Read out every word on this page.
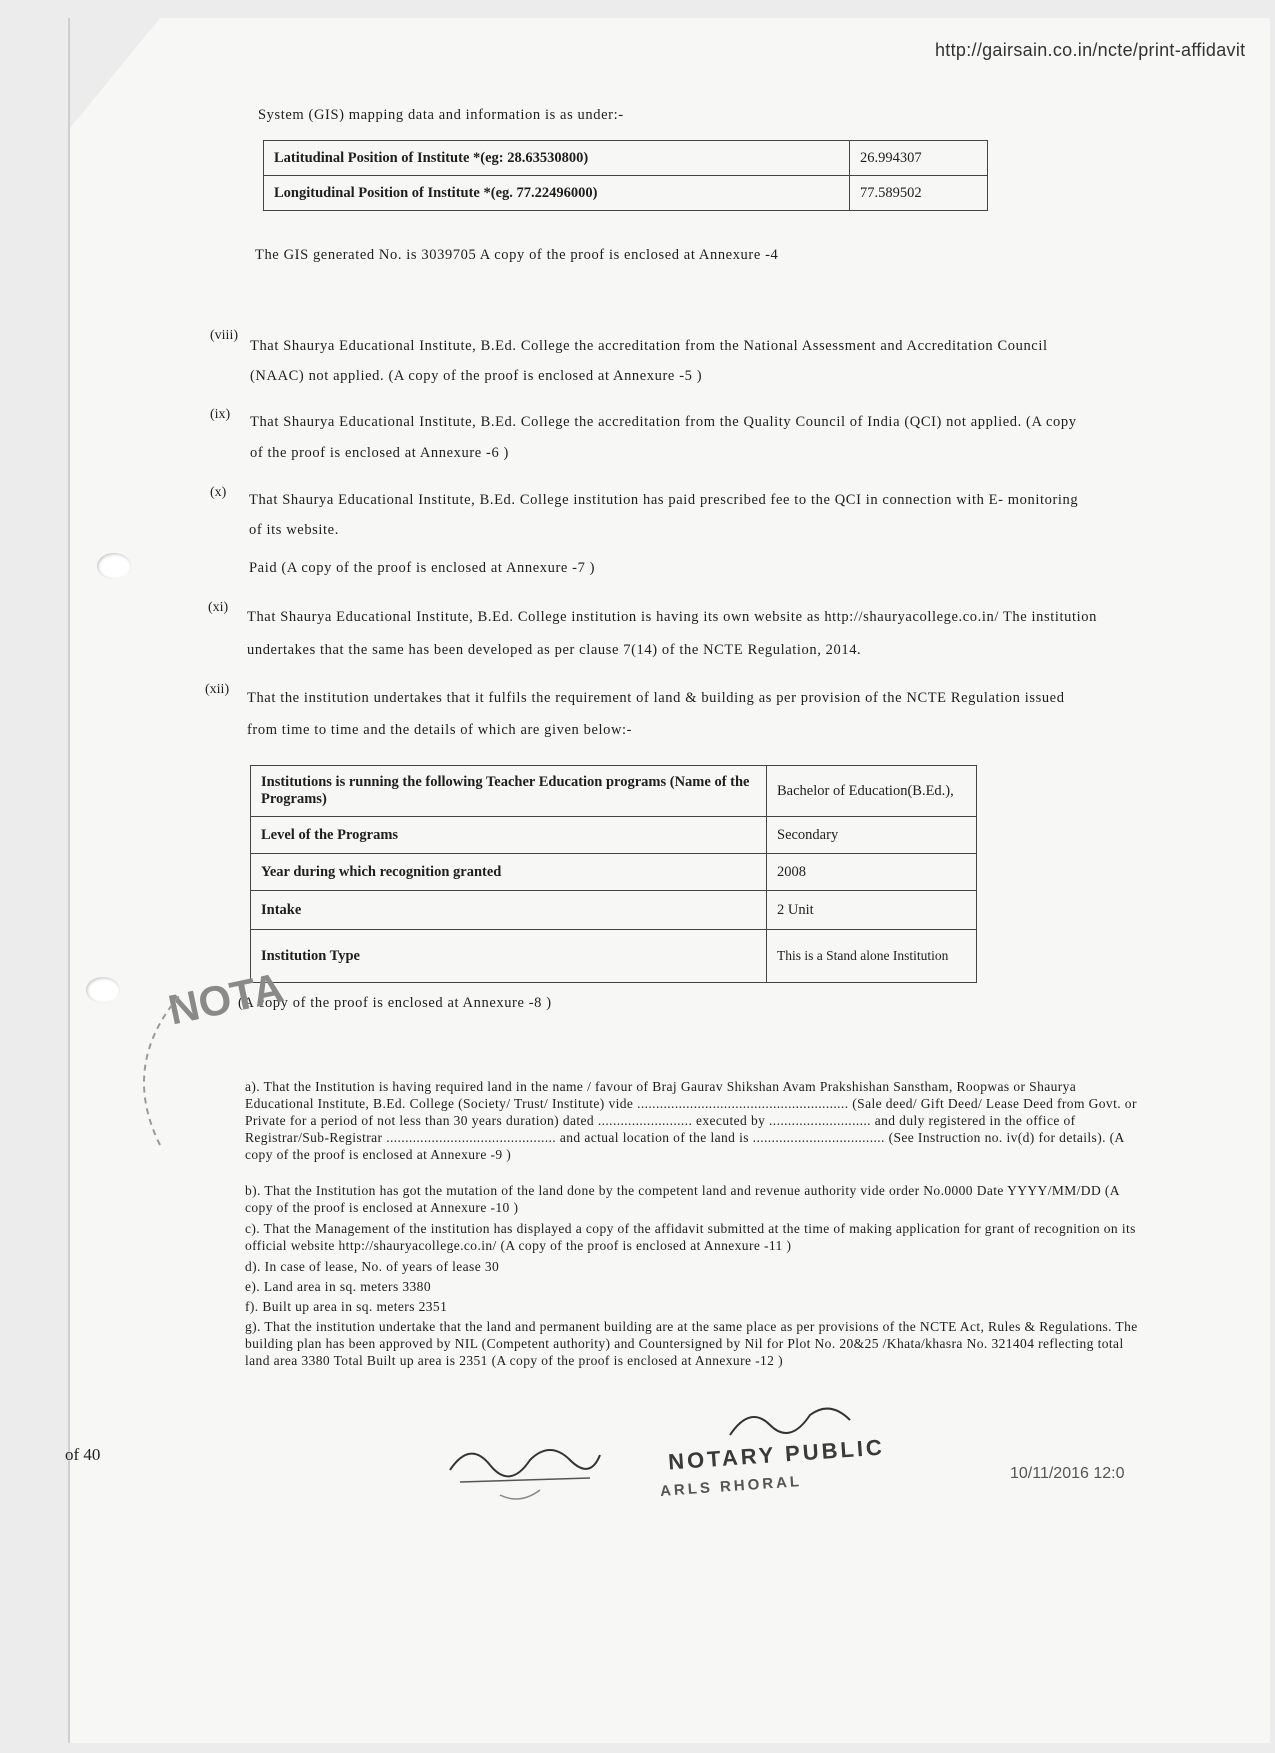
http://gairsain.co.in/ncte/print-affidavit
System (GIS) mapping data and information is as under:-
Latitudinal Position of Institute *(eg: 28.63530800)	26.994307
Longitudinal Position of Institute *(eg. 77.22496000)	77.589502
The GIS generated No. is 3039705 A copy of the proof is enclosed at Annexure -4
(viii)
That Shaurya Educational Institute, B.Ed. College the accreditation from the National Assessment and Accreditation Council
(NAAC) not applied. (A copy of the proof is enclosed at Annexure -5 )
(ix) That Shaurya Educational Institute, B.Ed. College the accreditation from the Quality Council of India (QCI) not applied. (A copy
of the proof is enclosed at Annexure -6 )
(x) That Shaurya Educational Institute, B.Ed. College institution has paid prescribed fee to the QCI in connection with E- monitoring
of its website.
Paid (A copy of the proof is enclosed at Annexure -7 )
(xi)
That Shaurya Educational Institute, B.Ed. College institution is having its own website as http://shauryacollege.co.in/ The institution
undertakes that the same has been developed as per clause 7(14) of the NCTE Regulation, 2014.
(xii)
That the institution undertakes that it fulfils the requirement of land & building as per provision of the NCTE Regulation issued
from time to time and the details of which are given below:-
Institutions is running the following Teacher Education programs (Name of the Programs)	Bachelor of Education(B.Ed.),
Level of the Programs	Secondary
Year during which recognition granted	2008
Intake	2 Unit
Institution Type	This is a Stand alone Institution
(A copy of the proof is enclosed at Annexure -8 )
a). That the Institution is having required land in the name / favour of Braj Gaurav Shikshan Avam Prakshishan Sanstham, Roopwas or Shaurya Educational Institute, B.Ed. College (Society/ Trust/ Institute) vide ........................................................ (Sale deed/ Gift Deed/ Lease Deed from Govt. or Private for a period of not less than 30 years duration) dated ......................... executed by ........................... and duly registered in the office of Registrar/Sub-Registrar ............................................. and actual location of the land is ................................... (See Instruction no. iv(d) for details). (A copy of the proof is enclosed at Annexure -9 )
b). That the Institution has got the mutation of the land done by the competent land and revenue authority vide order No.0000 Date YYYY/MM/DD (A copy of the proof is enclosed at Annexure -10 )
c). That the Management of the institution has displayed a copy of the affidavit submitted at the time of making application for grant of recognition on its official website http://shauryacollege.co.in/ (A copy of the proof is enclosed at Annexure -11 )
d). In case of lease, No. of years of lease 30
e). Land area in sq. meters 3380
f). Built up area in sq. meters 2351
g). That the institution undertake that the land and permanent building are at the same place as per provisions of the NCTE Act, Rules & Regulations. The building plan has been approved by NIL (Competent authority) and Countersigned by Nil for Plot No. 20&25 /Khata/khasra No. 321404 reflecting total land area 3380 Total Built up area is 2351 (A copy of the proof is enclosed at Annexure -12 )
NOTA
of 40
10/11/2016 12:0
NOTARY PUBLIC
ARLS RHORAL
